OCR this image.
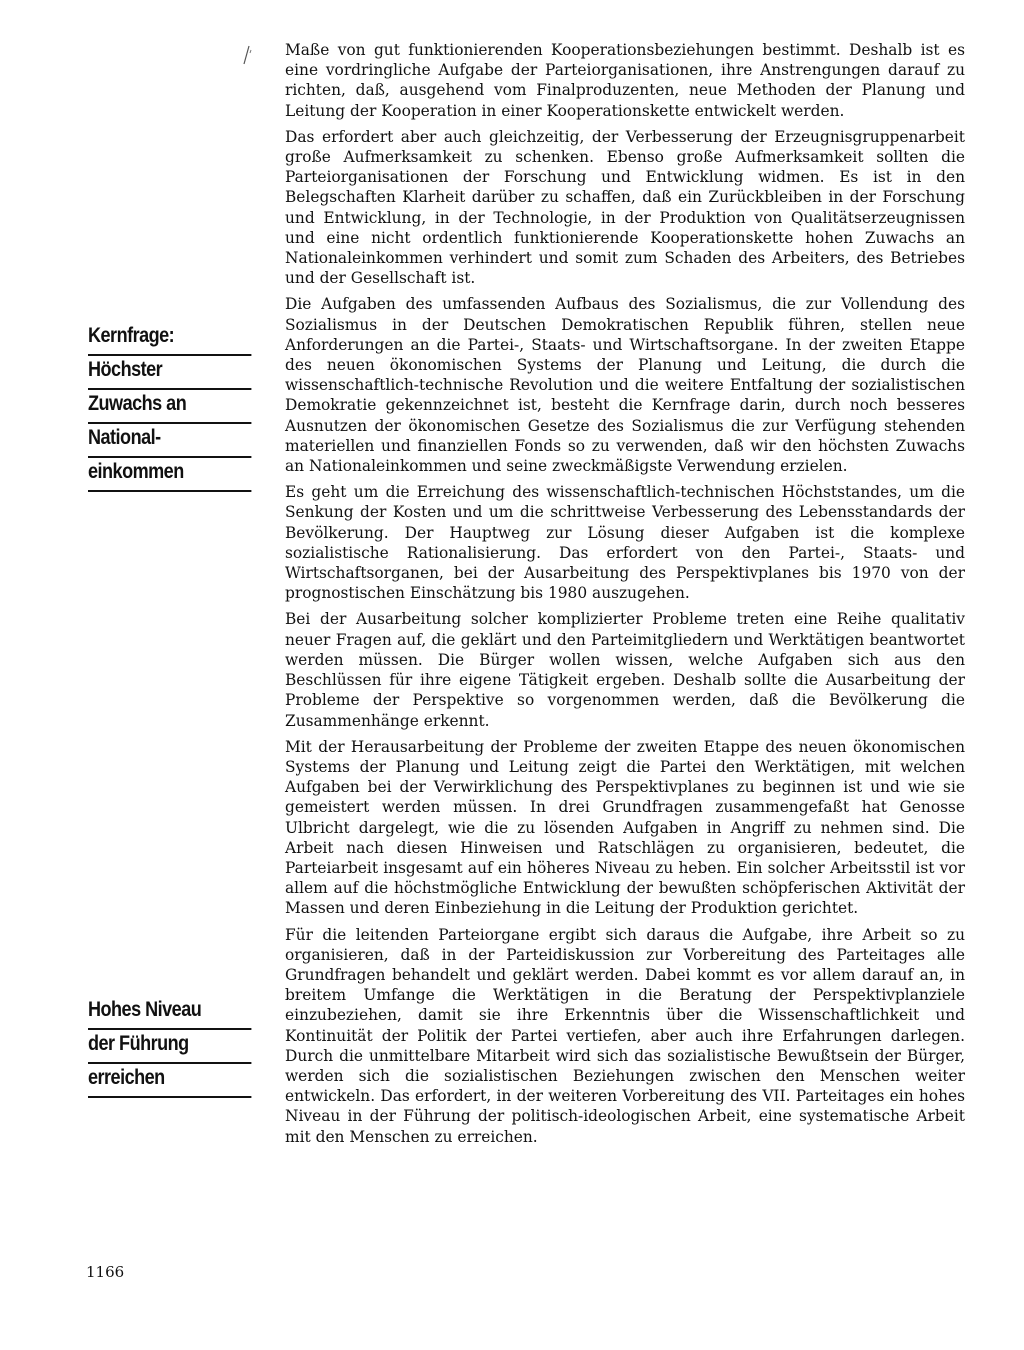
Kernfrage:
Höchster
Zuwachs an
National-
einkommen
Hohes Niveau
der Führung
erreichen

Maße von gut funktionierenden Kooperationsbeziehungen bestimmt. Deshalb ist es eine vordringliche Aufgabe der Parteiorganisationen, ihre Anstrengungen darauf zu richten, daß, ausgehend vom Finalproduzenten, neue Methoden der Planung und Leitung der Kooperation in einer Kooperationskette entwickelt werden.

Das erfordert aber auch gleichzeitig, der Verbesserung der Erzeugnisgruppenarbeit große Aufmerksamkeit zu schenken. Ebenso große Aufmerksamkeit sollten die Parteiorganisationen der Forschung und Entwicklung widmen. Es ist in den Belegschaften Klarheit darüber zu schaffen, daß ein Zurückbleiben in der Forschung und Entwicklung, in der Technologie, in der Produktion von Qualitätserzeugnissen und eine nicht ordentlich funktionierende Kooperationskette hohen Zuwachs an Nationaleinkommen verhindert und somit zum Schaden des Arbeiters, des Betriebes und der Gesellschaft ist.

Die Aufgaben des umfassenden Aufbaus des Sozialismus, die zur Vollendung des Sozialismus in der Deutschen Demokratischen Republik führen, stellen neue Anforderungen an die Partei-, Staats- und Wirtschaftsorgane. In der zweiten Etappe des neuen ökonomischen Systems der Planung und Leitung, die durch die wissenschaftlich-technische Revolution und die weitere Entfaltung der sozialistischen Demokratie gekennzeichnet ist, besteht die Kernfrage darin, durch noch besseres Ausnutzen der ökonomischen Gesetze des Sozialismus die zur Verfügung stehenden materiellen und finanziellen Fonds so zu verwenden, daß wir den höchsten Zuwachs an Nationaleinkommen und seine zweckmäßigste Verwendung erzielen.

Es geht um die Erreichung des wissenschaftlich-technischen Höchststandes, um die Senkung der Kosten und um die schrittweise Verbesserung des Lebensstandards der Bevölkerung. Der Hauptweg zur Lösung dieser Aufgaben ist die komplexe sozialistische Rationalisierung. Das erfordert von den Partei-, Staats- und Wirtschaftsorganen, bei der Ausarbeitung des Perspektivplanes bis 1970 von der prognostischen Einschätzung bis 1980 auszugehen.

Bei der Ausarbeitung solcher komplizierter Probleme treten eine Reihe qualitativ neuer Fragen auf, die geklärt und den Parteimitgliedern und Werktätigen beantwortet werden müssen. Die Bürger wollen wissen, welche Aufgaben sich aus den Beschlüssen für ihre eigene Tätigkeit ergeben. Deshalb sollte die Ausarbeitung der Probleme der Perspektive so vorgenommen werden, daß die Bevölkerung die Zusammenhänge erkennt.

Mit der Herausarbeitung der Probleme der zweiten Etappe des neuen ökonomischen Systems der Planung und Leitung zeigt die Partei den Werktätigen, mit welchen Aufgaben bei der Verwirklichung des Perspektivplanes zu beginnen ist und wie sie gemeistert werden müssen. In drei Grundfragen zusammengefaßt hat Genosse Ulbricht dargelegt, wie die zu lösenden Aufgaben in Angriff zu nehmen sind. Die Arbeit nach diesen Hinweisen und Ratschlägen zu organisieren, bedeutet, die Parteiarbeit insgesamt auf ein höheres Niveau zu heben. Ein solcher Arbeitsstil ist vor allem auf die höchstmögliche Entwicklung der bewußten schöpferischen Aktivität der Massen und deren Einbeziehung in die Leitung der Produktion gerichtet.

Für die leitenden Parteiorgane ergibt sich daraus die Aufgabe, ihre Arbeit so zu organisieren, daß in der Parteidiskussion zur Vorbereitung des Parteitages alle Grundfragen behandelt und geklärt werden. Dabei kommt es vor allem darauf an, in breitem Umfange die Werktätigen in die Beratung der Perspektivplanziele einzubeziehen, damit sie ihre Erkenntnis über die Wissenschaftlichkeit und Kontinuität der Politik der Partei vertiefen, aber auch ihre Erfahrungen darlegen. Durch die unmittelbare Mitarbeit wird sich das sozialistische Bewußtsein der Bürger, werden sich die sozialistischen Beziehungen zwischen den Menschen weiter entwickeln. Das erfordert, in der weiteren Vorbereitung des VII. Parteitages ein hohes Niveau in der Führung der politisch-ideologischen Arbeit, eine systematische Arbeit mit den Menschen zu erreichen.

1166
